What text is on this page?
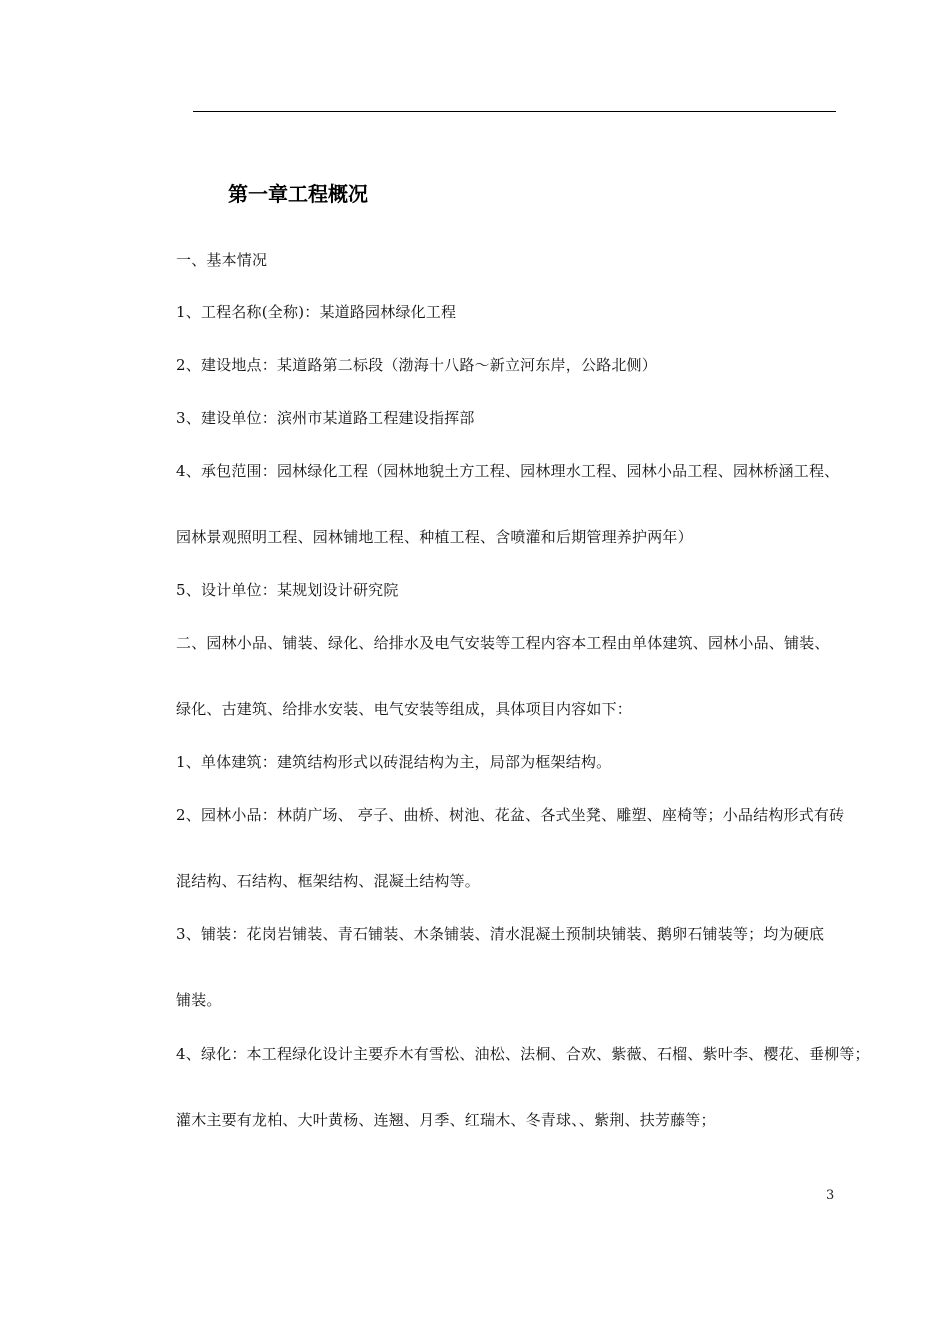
第一章工程概况
一、基本情况
1、工程名称(全称)：某道路园林绿化工程
2、建设地点：某道路第二标段（渤海十八路～新立河东岸，公路北侧）
3、建设单位：滨州市某道路工程建设指挥部
4、承包范围：园林绿化工程（园林地貌土方工程、园林理水工程、园林小品工程、园林桥涵工程、
园林景观照明工程、园林铺地工程、种植工程、含喷灌和后期管理养护两年）
5、设计单位：某规划设计研究院
二、园林小品、铺装、绿化、给排水及电气安装等工程内容本工程由单体建筑、园林小品、铺装、
绿化、古建筑、给排水安装、电气安装等组成，具体项目内容如下：
1、单体建筑：建筑结构形式以砖混结构为主，局部为框架结构。
2、园林小品：林荫广场、 亭子、曲桥、树池、花盆、各式坐凳、雕塑、座椅等；小品结构形式有砖
混结构、石结构、框架结构、混凝土结构等。
3、铺装：花岗岩铺装、青石铺装、木条铺装、清水混凝土预制块铺装、鹅卵石铺装等；均为硬底
铺装。
4、绿化：本工程绿化设计主要乔木有雪松、油松、法桐、合欢、紫薇、石榴、紫叶李、樱花、垂柳等；
灌木主要有龙柏、大叶黄杨、连翘、月季、红瑞木、冬青球、、紫荆、扶芳藤等；
3
